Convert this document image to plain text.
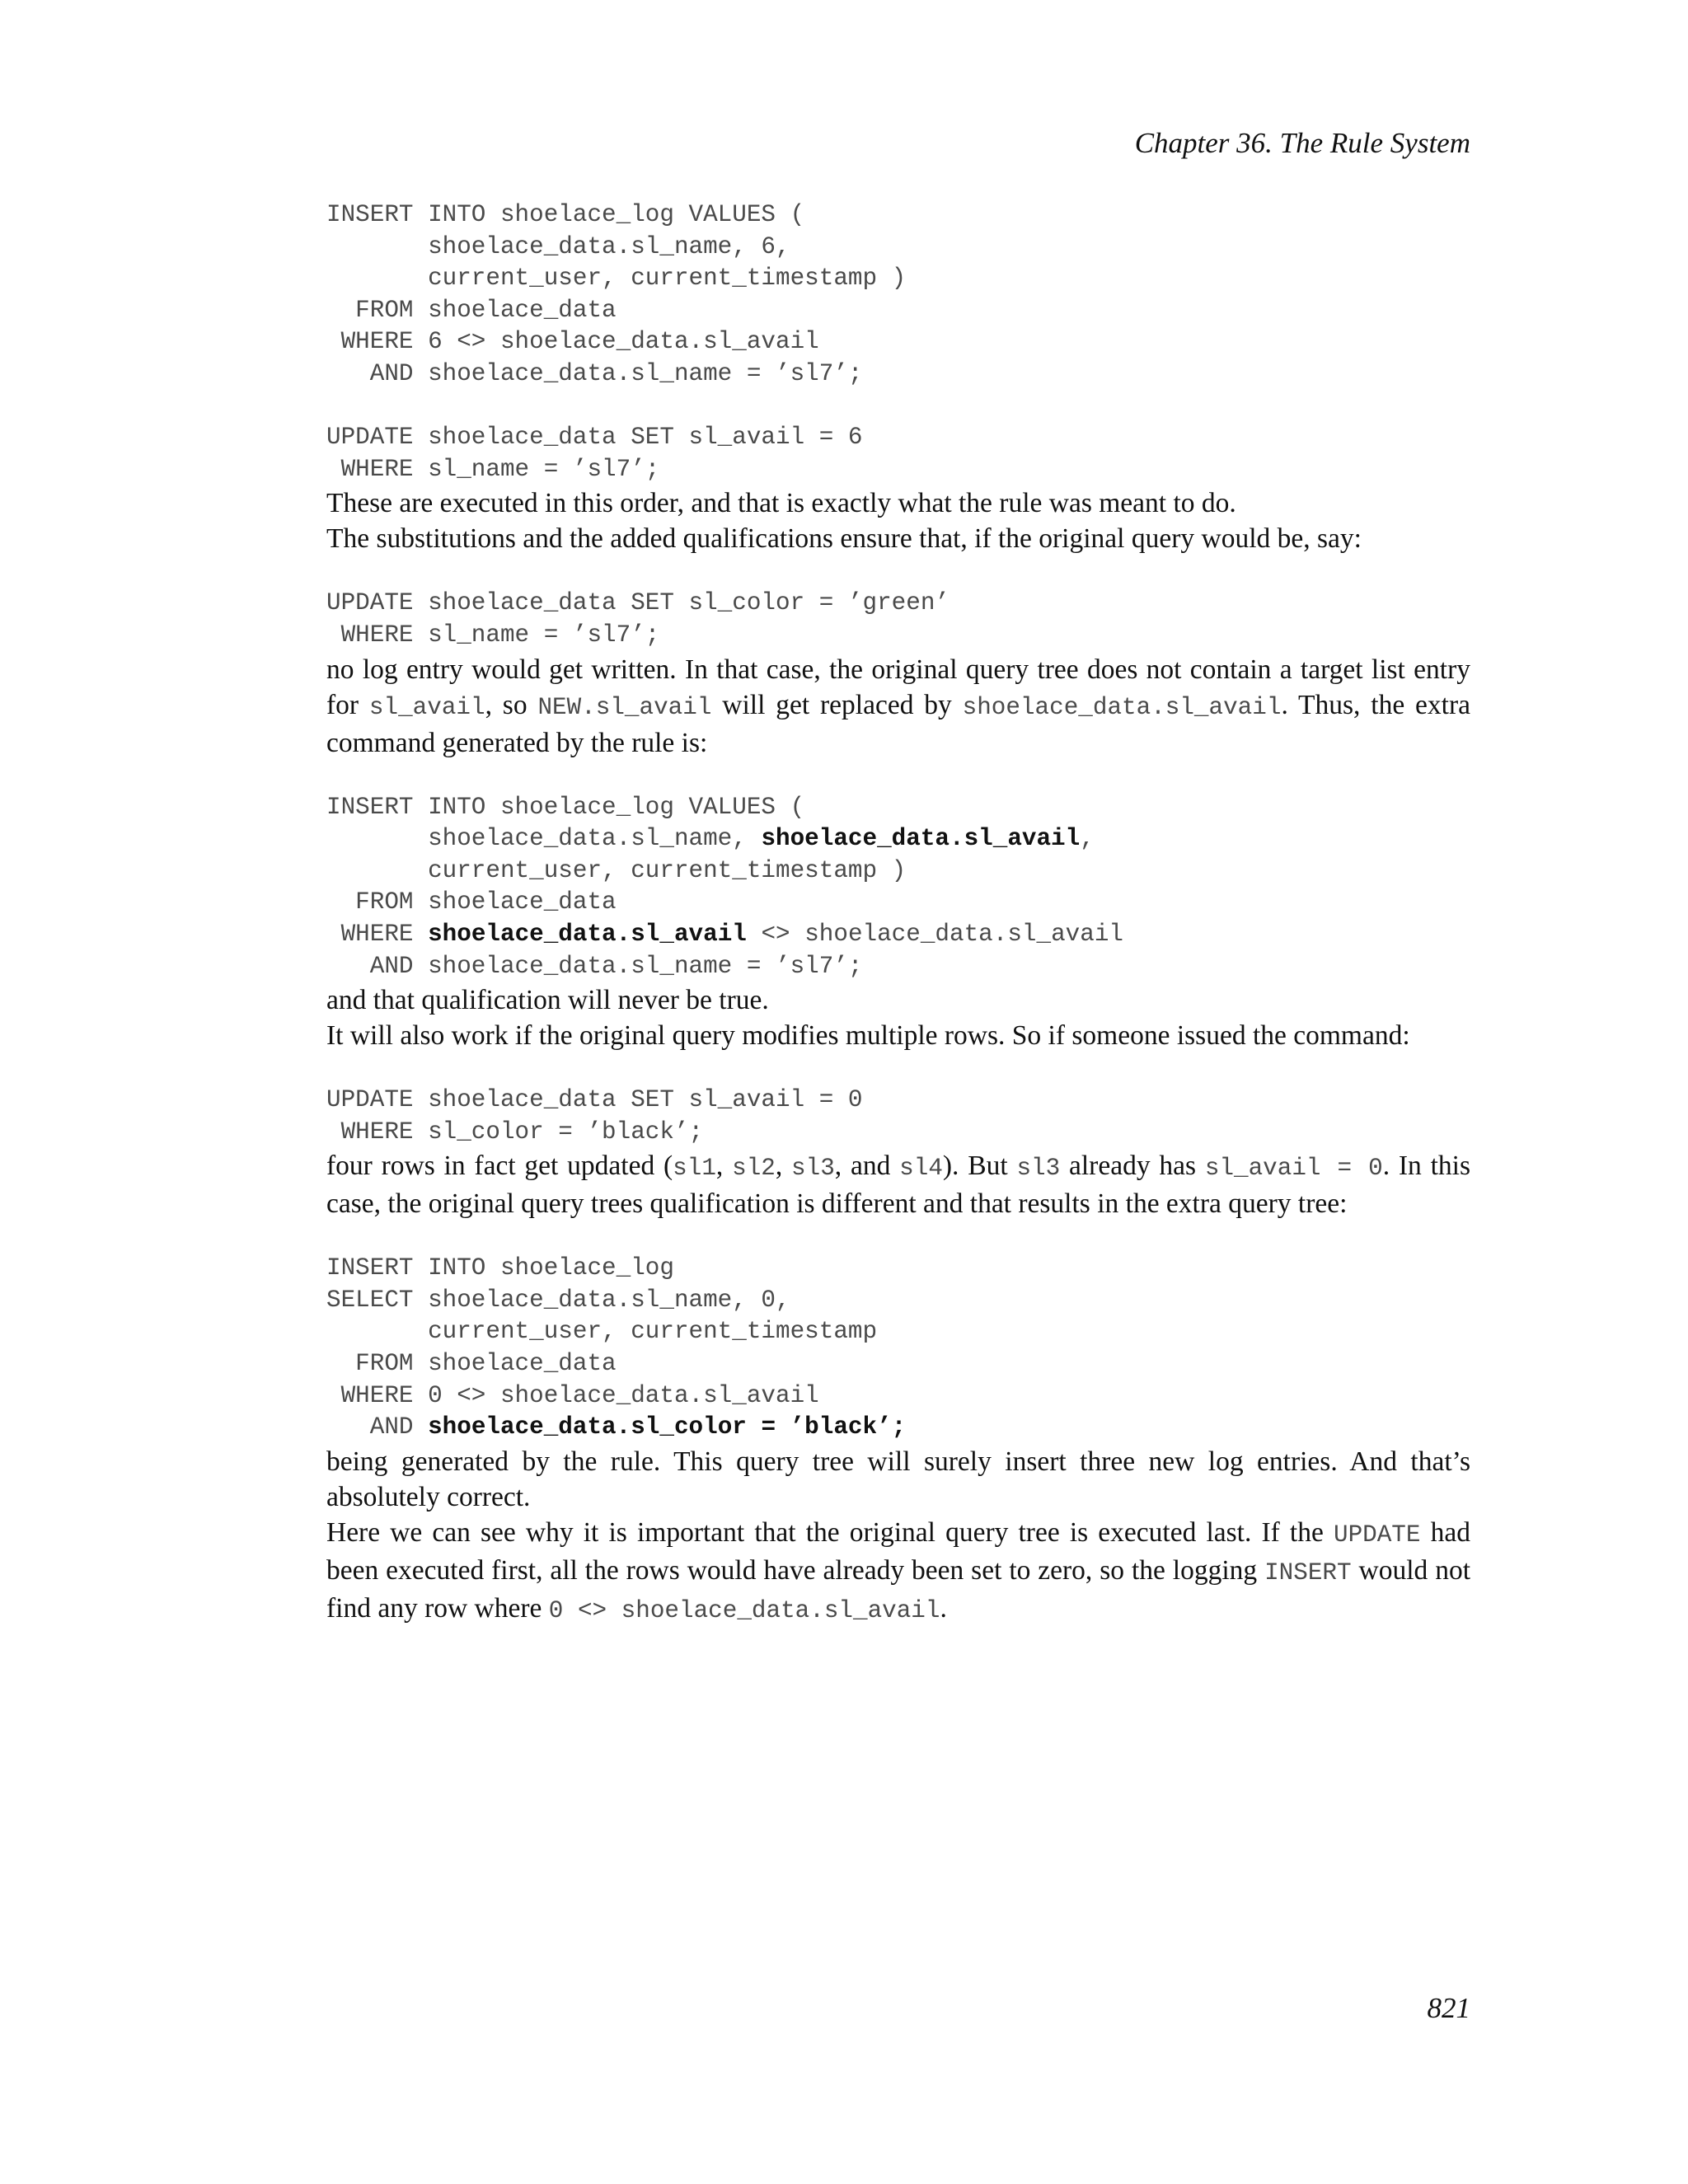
Chapter 36. The Rule System
INSERT INTO shoelace_log VALUES (
shoelace_data.sl_name, 6,
current_user, current_timestamp )
FROM shoelace_data
WHERE 6 <> shoelace_data.sl_avail
AND shoelace_data.sl_name = ’sl7’;

UPDATE shoelace_data SET sl_avail = 6
WHERE sl_name = ’sl7’;

These are executed in this order, and that is exactly what the rule was meant to do.

The substitutions and the added qualifications ensure that, if the original query would be, say:

UPDATE shoelace_data SET sl_color = ’green’
WHERE sl_name = ’sl7’;

no log entry would get written. In that case, the original query tree does not contain a target list entry for sl_avail, so NEW.sl_avail will get replaced by shoelace_data.sl_avail. Thus, the extra command generated by the rule is:

INSERT INTO shoelace_log VALUES (
shoelace_data.sl_name, shoelace_data.sl_avail,
current_user, current_timestamp )
FROM shoelace_data
WHERE shoelace_data.sl_avail <> shoelace_data.sl_avail
AND shoelace_data.sl_name = ’sl7’;

and that qualification will never be true.

It will also work if the original query modifies multiple rows. So if someone issued the command:

UPDATE shoelace_data SET sl_avail = 0
WHERE sl_color = ’black’;

four rows in fact get updated (sl1, sl2, sl3, and sl4). But sl3 already has sl_avail = 0. In this case, the original query trees qualification is different and that results in the extra query tree:

INSERT INTO shoelace_log
SELECT shoelace_data.sl_name, 0,
current_user, current_timestamp
FROM shoelace_data
WHERE 0 <> shoelace_data.sl_avail
AND shoelace_data.sl_color = ’black’;

being generated by the rule. This query tree will surely insert three new log entries. And that’s absolutely correct.

Here we can see why it is important that the original query tree is executed last. If the UPDATE had been executed first, all the rows would have already been set to zero, so the logging INSERT would not find any row where 0 <> shoelace_data.sl_avail.

821
